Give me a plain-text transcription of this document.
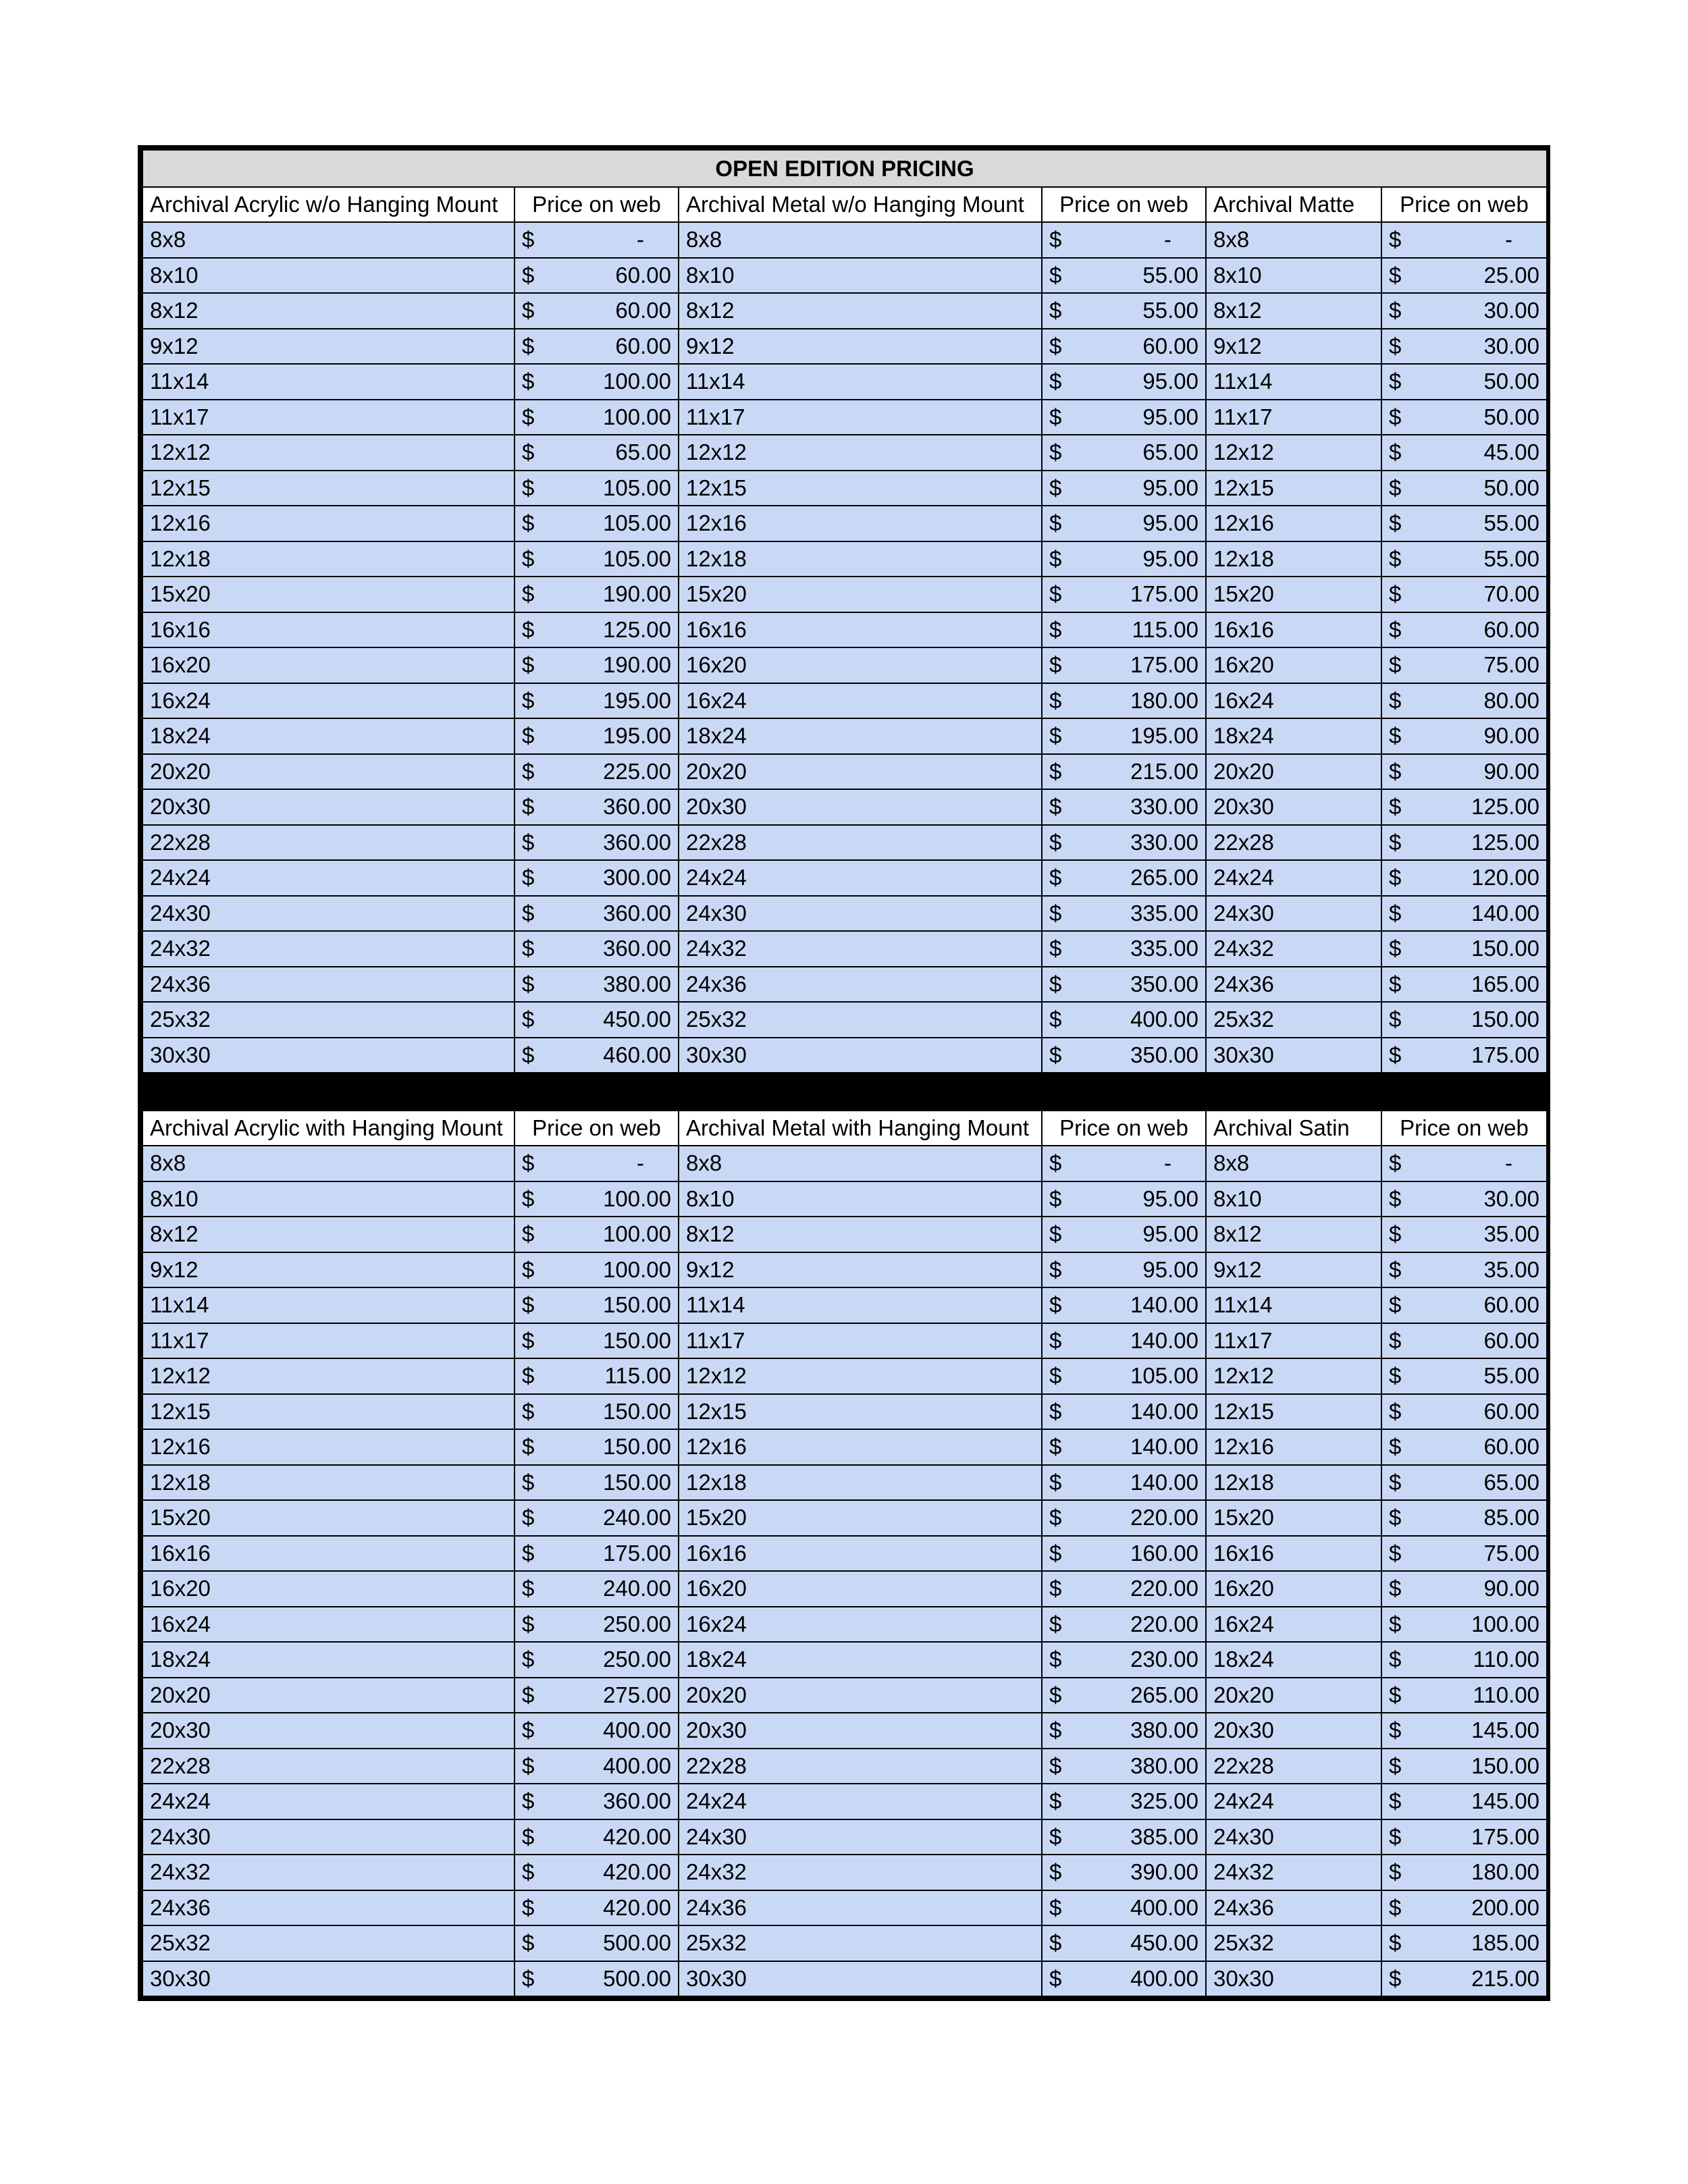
OPEN EDITION PRICING					
Archival Acrylic w/o Hanging Mount	Price on web	Archival Metal w/o Hanging Mount	Price on web	Archival Matte	Price on web
8x8	$ -	8x8	$ -	8x8	$ -

8x10	$ 60.00	8x10	$ 55.00	8x10	$ 25.00

8x12	$ 60.00	8x12	$ 55.00	8x12	$ 30.00

9x12	$ 60.00	9x12	$ 60.00	9x12	$ 30.00

11x14	$ 100.00	11x14	$ 95.00	11x14	$ 50.00

11x17	$ 100.00	11x17	$ 95.00	11x17	$ 50.00

12x12	$ 65.00	12x12	$ 65.00	12x12	$ 45.00

12x15	$ 105.00	12x15	$ 95.00	12x15	$ 50.00

12x16	$ 105.00	12x16	$ 95.00	12x16	$ 55.00

12x18	$ 105.00	12x18	$ 95.00	12x18	$ 55.00

15x20	$ 190.00	15x20	$ 175.00	15x20	$ 70.00

16x16	$ 125.00	16x16	$ 115.00	16x16	$ 60.00

16x20	$ 190.00	16x20	$ 175.00	16x20	$ 75.00

16x24	$ 195.00	16x24	$ 180.00	16x24	$ 80.00

18x24	$ 195.00	18x24	$ 195.00	18x24	$ 90.00

20x20	$ 225.00	20x20	$ 215.00	20x20	$ 90.00

20x30	$ 360.00	20x30	$ 330.00	20x30	$ 125.00

22x28	$ 360.00	22x28	$ 330.00	22x28	$ 125.00

24x24	$ 300.00	24x24	$ 265.00	24x24	$ 120.00

24x30	$ 360.00	24x30	$ 335.00	24x30	$ 140.00

24x32	$ 360.00	24x32	$ 335.00	24x32	$ 150.00

24x36	$ 380.00	24x36	$ 350.00	24x36	$ 165.00

25x32	$ 450.00	25x32	$ 400.00	25x32	$ 150.00

30x30	$ 460.00	30x30	$ 350.00	30x30	$ 175.00

Archival Acrylic with Hanging Mount	Price on web	Archival Metal with Hanging Mount	Price on web	Archival Satin	Price on web
8x8	$ -	8x8	$ -	8x8	$ -

8x10	$ 100.00	8x10	$ 95.00	8x10	$ 30.00

8x12	$ 100.00	8x12	$ 95.00	8x12	$ 35.00

9x12	$ 100.00	9x12	$ 95.00	9x12	$ 35.00

11x14	$ 150.00	11x14	$ 140.00	11x14	$ 60.00

11x17	$ 150.00	11x17	$ 140.00	11x17	$ 60.00

12x12	$ 115.00	12x12	$ 105.00	12x12	$ 55.00

12x15	$ 150.00	12x15	$ 140.00	12x15	$ 60.00

12x16	$ 150.00	12x16	$ 140.00	12x16	$ 60.00

12x18	$ 150.00	12x18	$ 140.00	12x18	$ 65.00

15x20	$ 240.00	15x20	$ 220.00	15x20	$ 85.00

16x16	$ 175.00	16x16	$ 160.00	16x16	$ 75.00

16x20	$ 240.00	16x20	$ 220.00	16x20	$ 90.00

16x24	$ 250.00	16x24	$ 220.00	16x24	$ 100.00

18x24	$ 250.00	18x24	$ 230.00	18x24	$ 110.00

20x20	$ 275.00	20x20	$ 265.00	20x20	$ 110.00

20x30	$ 400.00	20x30	$ 380.00	20x30	$ 145.00

22x28	$ 400.00	22x28	$ 380.00	22x28	$ 150.00

24x24	$ 360.00	24x24	$ 325.00	24x24	$ 145.00

24x30	$ 420.00	24x30	$ 385.00	24x30	$ 175.00

24x32	$ 420.00	24x32	$ 390.00	24x32	$ 180.00

24x36	$ 420.00	24x36	$ 400.00	24x36	$ 200.00

25x32	$ 500.00	25x32	$ 450.00	25x32	$ 185.00

30x30	$ 500.00	30x30	$ 400.00	30x30	$ 215.00
